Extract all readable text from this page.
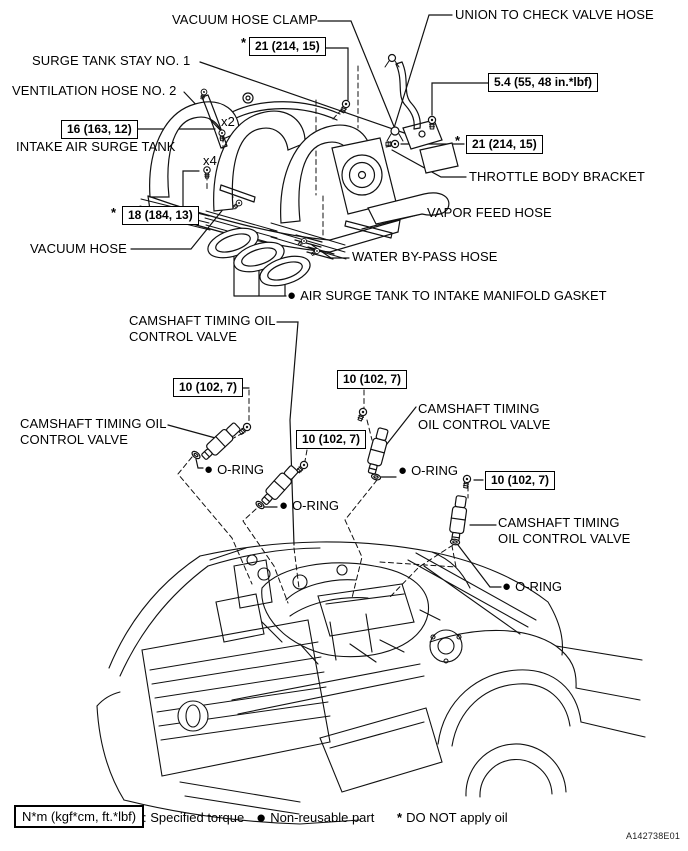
VACUUM HOSE CLAMP	UNION TO CHECK VALVE HOSE
SURGE TANK STAY NO. 1
VENTILATION HOSE NO. 2
INTAKE AIR SURGE TANK
THROTTLE BODY BRACKET
VAPOR FEED HOSE
VACUUM HOSE
WATER BY-PASS HOSE
● AIR SURGE TANK TO INTAKE MANIFOLD GASKET
x2
x4
* 21 (214, 15)
5.4 (55, 48 in.*lbf)
16 (163, 12)
* 21 (214, 15)
* 18 (184, 13)
10 (102, 7)
10 (102, 7)
10 (102, 7)
10 (102, 7)
CAMSHAFT TIMING OIL
CONTROL VALVE
CAMSHAFT TIMING OIL
CONTROL VALVE
CAMSHAFT TIMING
OIL CONTROL VALVE
CAMSHAFT TIMING
OIL CONTROL VALVE
● O-RING
● O-RING
● O-RING
● O-RING
N*m (kgf*cm, ft.*lbf) : Specified torque ● Non-reusable part * DO NOT apply oil
A142738E01
